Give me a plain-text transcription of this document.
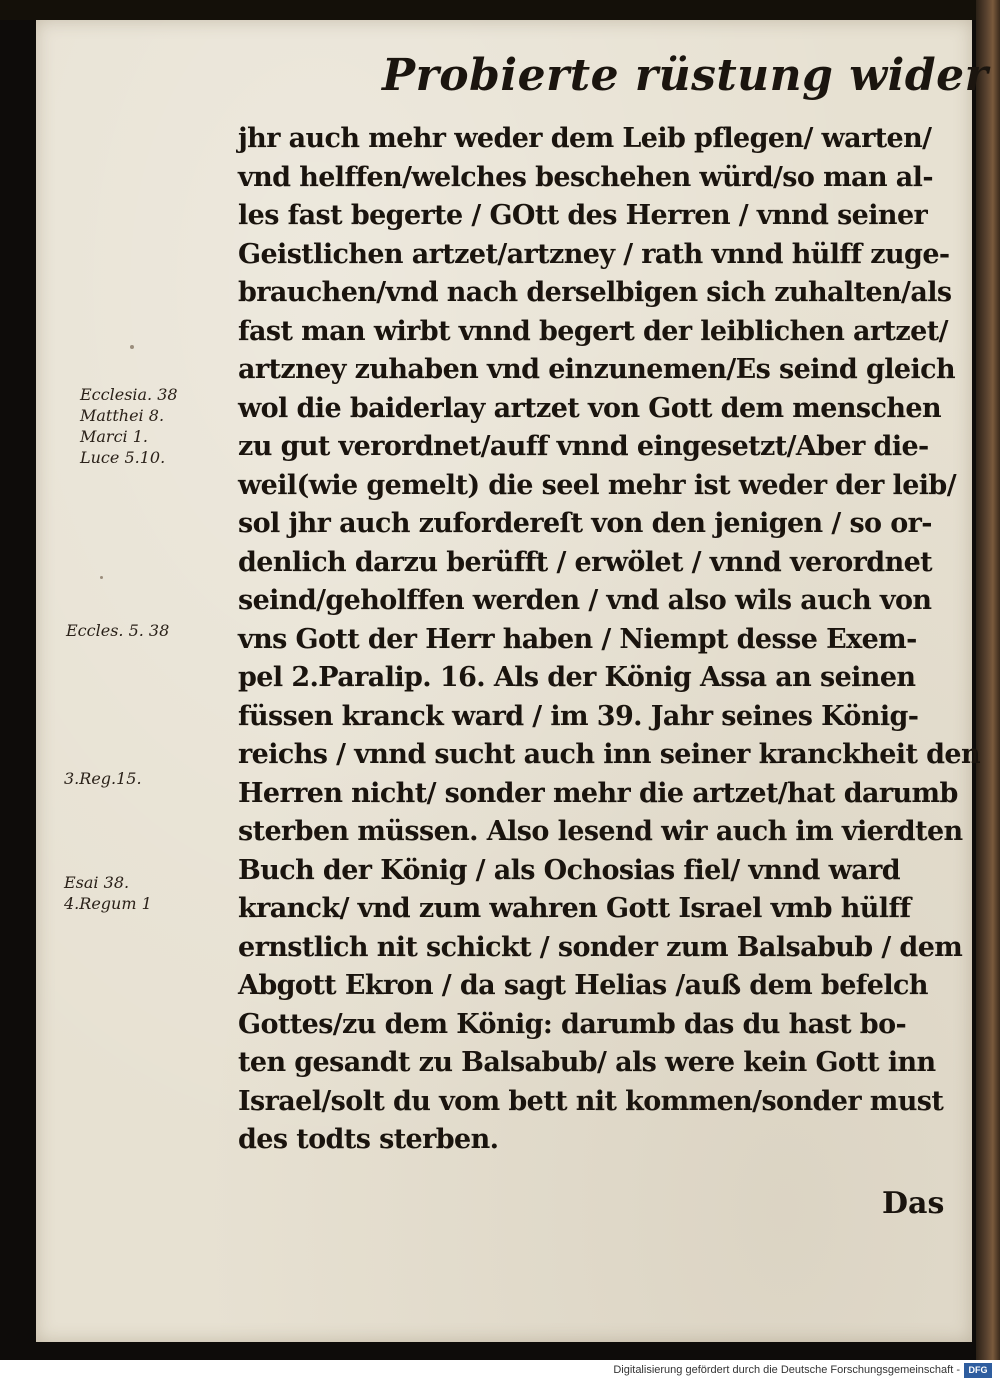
Probierte rüstung wider
jhr auch mehr weder dem Leib pflegen/ warten/
vnd helffen/welches beschehen würd/so man al-
les fast begerte / GOtt des Herren / vnnd seiner
Geistlichen artzet/artzney / rath vnnd hülff zuge-
brauchen/vnd nach derselbigen sich zuhalten/als
fast man wirbt vnnd begert der leiblichen artzet/
artzney zuhaben vnd einzunemen/Es seind gleich
wol die baiderlay artzet von Gott dem menschen
zu gut verordnet/auff vnnd eingesetzt/Aber die-
weil(wie gemelt) die seel mehr ist weder der leib/
sol jhr auch zufordereſt von den jenigen / so or-
denlich darzu berüfft / erwölet / vnnd verordnet
seind/geholffen werden / vnd also wils auch von
vns Gott der Herr haben / Niempt desse Exem-
pel 2.Paralip. 16. Als der König Assa an seinen
füssen kranck ward / im 39. Jahr seines König-
reichs / vnnd sucht auch inn seiner kranckheit den
Herren nicht/ sonder mehr die artzet/hat darumb
sterben müssen. Also lesend wir auch im vierdten
Buch der König / als Ochosias fiel/ vnnd ward
kranck/ vnd zum wahren Gott Israel vmb hülff
ernstlich nit schickt / sonder zum Balsabub / dem
Abgott Ekron / da sagt Helias /auß dem befelch
Gottes/zu dem König: darumb das du hast bo-
ten gesandt zu Balsabub/ als were kein Gott inn
Israel/solt du vom bett nit kommen/sonder must
des todts sterben.
Ecclesia. 38
Matthei 8.
Marci 1.
Luce 5.10.
Eccles. 5. 38
3.Reg.15.
Esai 38.
4.Regum 1
Das
Digitalisierung gefördert durch die Deutsche Forschungsgemeinschaft - DFG
